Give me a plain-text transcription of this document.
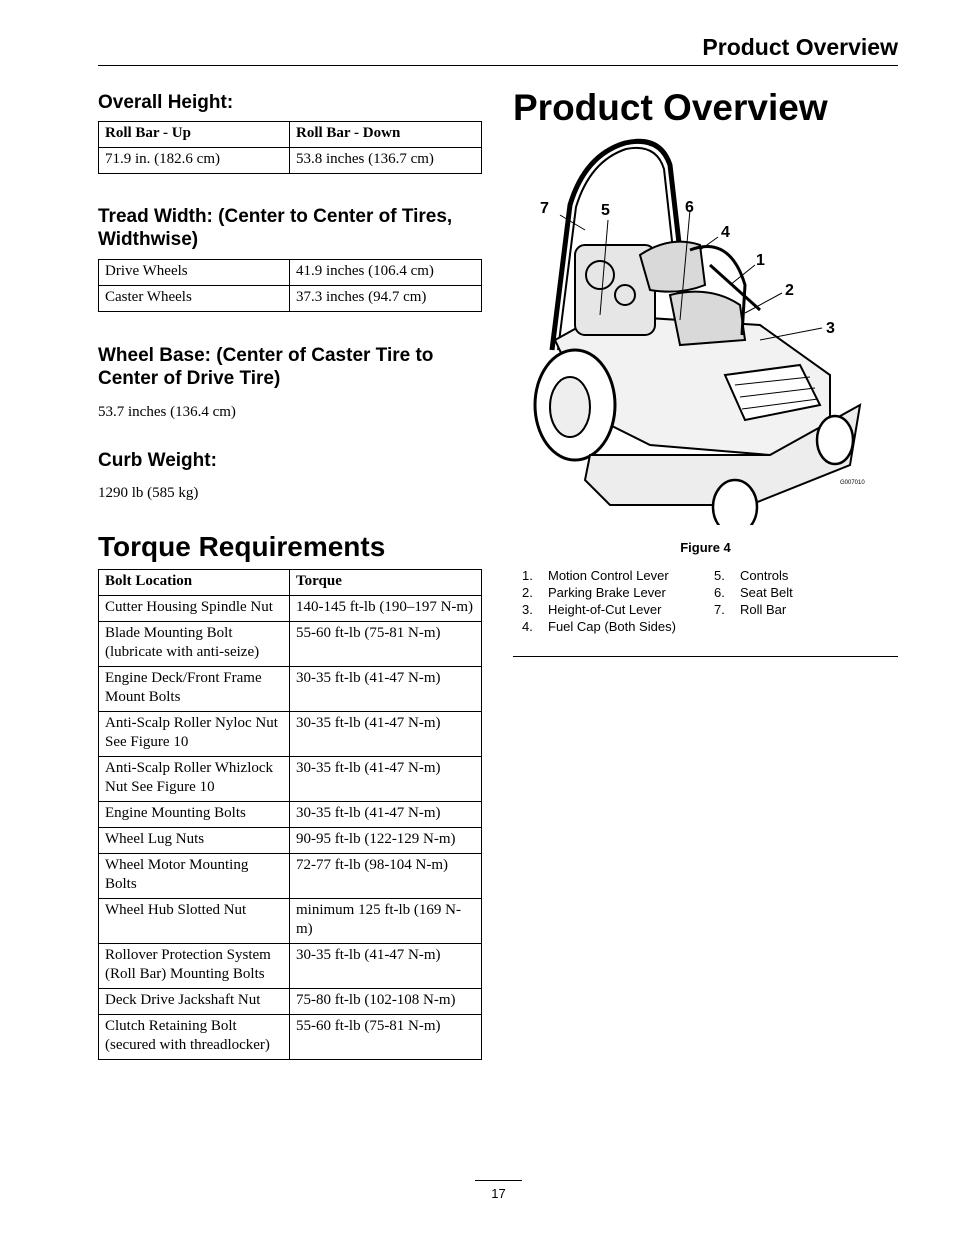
Product Overview
Overall Height:
Roll Bar - Up	Roll Bar - Down
71.9 in. (182.6 cm)	53.8 inches (136.7 cm)
Tread Width: (Center to Center of Tires, Widthwise)
Drive Wheels	41.9 inches (106.4 cm)
Caster Wheels	37.3 inches (94.7 cm)
Wheel Base: (Center of Caster Tire to Center of Drive Tire)

53.7 inches (136.4 cm)

Curb Weight:

1290 lb (585 kg)

Torque Requirements
Bolt Location	Torque
Cutter Housing Spindle Nut	140-145 ft-lb (190–197 N-m)
Blade Mounting Bolt (lubricate with anti-seize)	55-60 ft-lb (75-81 N-m)
Engine Deck/Front Frame Mount Bolts	30-35 ft-lb (41-47 N-m)
Anti-Scalp Roller Nyloc Nut See Figure 10	30-35 ft-lb (41-47 N-m)
Anti-Scalp Roller Whizlock Nut See Figure 10	30-35 ft-lb (41-47 N-m)
Engine Mounting Bolts	30-35 ft-lb (41-47 N-m)
Wheel Lug Nuts	90-95 ft-lb (122-129 N-m)
Wheel Motor Mounting Bolts	72-77 ft-lb (98-104 N-m)
Wheel Hub Slotted Nut	minimum 125 ft-lb (169 N-m)
Rollover Protection System (Roll Bar) Mounting Bolts	30-35 ft-lb (41-47 N-m)
Deck Drive Jackshaft Nut	75-80 ft-lb (102-108 N-m)
Clutch Retaining Bolt (secured with threadlocker)	55-60 ft-lb (75-81 N-m)
Product Overview
G007010
7	5	6
4
1
2
3
Figure 4
1. Motion Control Lever
2. Parking Brake Lever
3. Height-of-Cut Lever
4. Fuel Cap (Both Sides)
5. Controls
6. Seat Belt
7. Roll Bar
17
